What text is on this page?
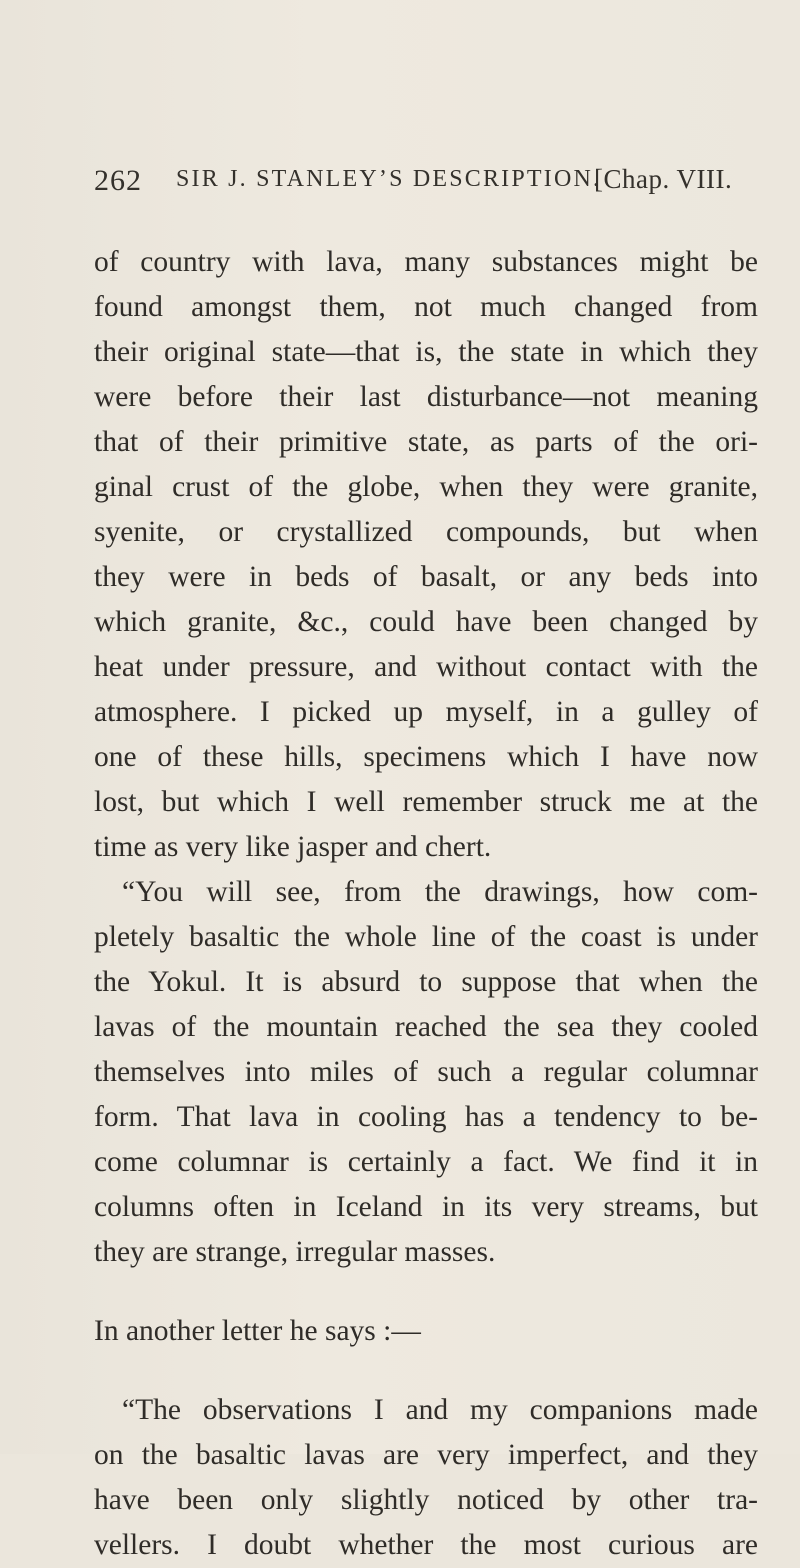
262 SIR J. STANLEY’S DESCRIPTION.
[Chap. VIII.
of country with lava, many substances might be
found amongst them, not much changed from
their original state—that is, the state in which they
were before their last disturbance—not meaning
that of their primitive state, as parts of the ori-
ginal crust of the globe, when they were granite,
syenite, or crystallized compounds, but when
they were in beds of basalt, or any beds into
which granite, &c., could have been changed by
heat under pressure, and without contact with the
atmosphere. I picked up myself, in a gulley of
one of these hills, specimens which I have now
lost, but which I well remember struck me at the
time as very like jasper and chert.
“You will see, from the drawings, how com-
pletely basaltic the whole line of the coast is under
the Yokul. It is absurd to suppose that when the
lavas of the mountain reached the sea they cooled
themselves into miles of such a regular columnar
form. That lava in cooling has a tendency to be-
come columnar is certainly a fact. We find it in
columns often in Iceland in its very streams, but
they are strange, irregular masses.
In another letter he says :—
“The observations I and my companions made
on the basaltic lavas are very imperfect, and they
have been only slightly noticed by other tra-
vellers. I doubt whether the most curious are
